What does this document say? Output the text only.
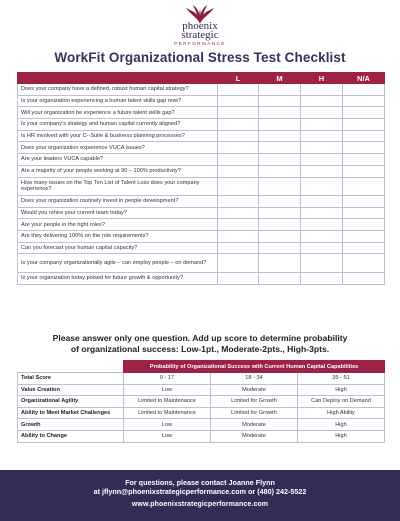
phoenix
strategic
PERFORMANCE
WorkFit Organizational Stress Test Checklist
	L	M	H	N/A
Does your company have a defined, robust human capital strategy?				
Is your organization experiencing a human talent skills gap now?				
Will your organization be experience a future talent skills gap?				
Is your company's strategy and human capital currently aligned?				
Is HR involved with your C--Suite & business planning processes?				
Does your organization experience VUCA issues?				
Are your leaders VUCA capable?				
Are a majority of your people working at 90 – 100% productivity?				
How many issues on the Top Ten List of Talent Loss does your company experience?				
Does your organization routinely invest in people development?				
Would you rehire your current team today?				
Are your people in the right roles?				
Are they delivering 100% on the role requirements?				
Can you forecast your human capital capacity?				
Is your company organizationally agile – can employ people – on demand?				
Is your organization today poised for future growth & opportunity?				
Please answer only one question. Add up score to determine probability
of organizational success: Low-1pt., Moderate-2pts., High-3pts.
	Probability of Organizational Success with Current Human Capital Capabilities		
Total Score	0 - 17	18 - 34	35 - 51
Value Creation	Low	Moderate	High
Organizational Agility	Limited to Maintenance	Limited for Growth	Can Deploy on Demand
Ability to Meet Market Challenges	Limited to Maintenance	Limited for Growth	High Ability
Growth	Low	Moderate	High
Ability to Change	Low	Moderate	High
For questions, please contact Joanne Flynn
at jflynn@phoenixstrategicperformance.com or (480) 242-5522
www.phoenixstrategicperformance.com
